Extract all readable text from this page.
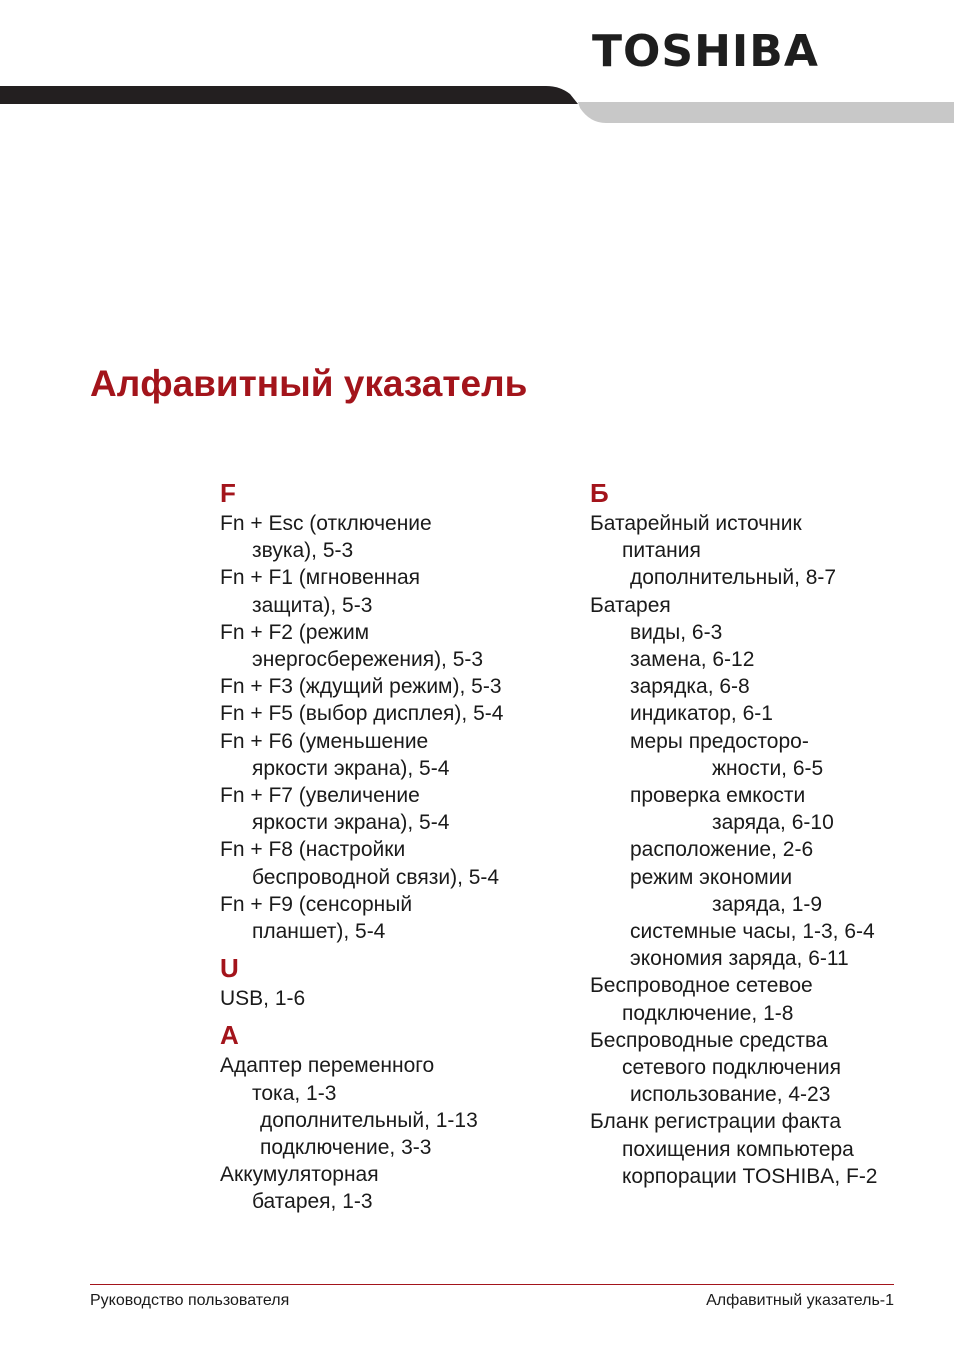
TOSHIBA
Алфавитный указатель
F
Fn + Esc (отключение
звука), 5-3
Fn + F1 (мгновенная
защита), 5-3
Fn + F2 (режим
энергосбережения), 5-3
Fn + F3 (ждущий режим), 5-3
Fn + F5 (выбор дисплея), 5-4
Fn + F6 (уменьшение
яркости экрана), 5-4
Fn + F7 (увеличение
яркости экрана), 5-4
Fn + F8 (настройки
беспроводной связи), 5-4
Fn + F9 (сенсорный
планшет), 5-4
U
USB, 1-6
A
Адаптер переменного
тока, 1-3
дополнительный, 1-13
подключение, 3-3
Аккумуляторная
батарея, 1-3
Б
Батарейный источник
питания
дополнительный, 8-7
Батарея
виды, 6-3
замена, 6-12
зарядка, 6-8
индикатор, 6-1
меры предосторо-
жности, 6-5
проверка емкости
заряда, 6-10
расположение, 2-6
режим экономии
заряда, 1-9
системные часы, 1-3, 6-4
экономия заряда, 6-11
Беспроводное сетевое
подключение, 1-8
Беспроводные средства
сетевого подключения
использование, 4-23
Бланк регистрации факта
похищения компьютера
корпорации TOSHIBA, F-2
Руководство пользователя	Алфавитный указатель-1
